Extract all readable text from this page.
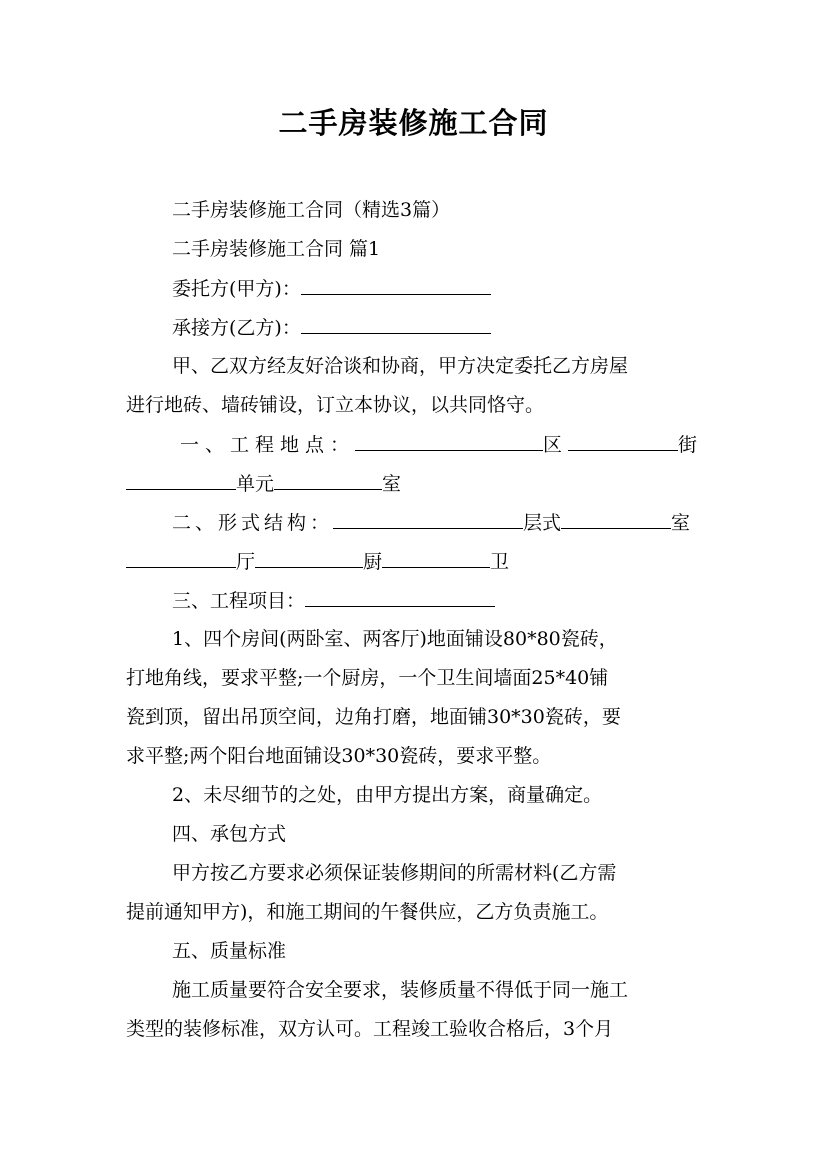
二手房装修施工合同
二手房装修施工合同（精选3篇）
二手房装修施工合同 篇1
委托方(甲方)：
承接方(乙方)：
甲、乙双方经友好洽谈和协商，甲方决定委托乙方房屋
进行地砖、墙砖铺设，订立本协议，以共同恪守。
一、工程地点：	区	街
单元	室
二、形式结构：	层式	室
厅	厨	卫
三、工程项目：
1、四个房间(两卧室、两客厅)地面铺设80*80瓷砖，
打地角线，要求平整;一个厨房，一个卫生间墙面25*40铺
瓷到顶，留出吊顶空间，边角打磨，地面铺30*30瓷砖，要
求平整;两个阳台地面铺设30*30瓷砖，要求平整。
2、未尽细节的之处，由甲方提出方案，商量确定。
四、承包方式
甲方按乙方要求必须保证装修期间的所需材料(乙方需
提前通知甲方)，和施工期间的午餐供应，乙方负责施工。
五、质量标准
施工质量要符合安全要求，装修质量不得低于同一施工
类型的装修标准，双方认可。工程竣工验收合格后，3个月
